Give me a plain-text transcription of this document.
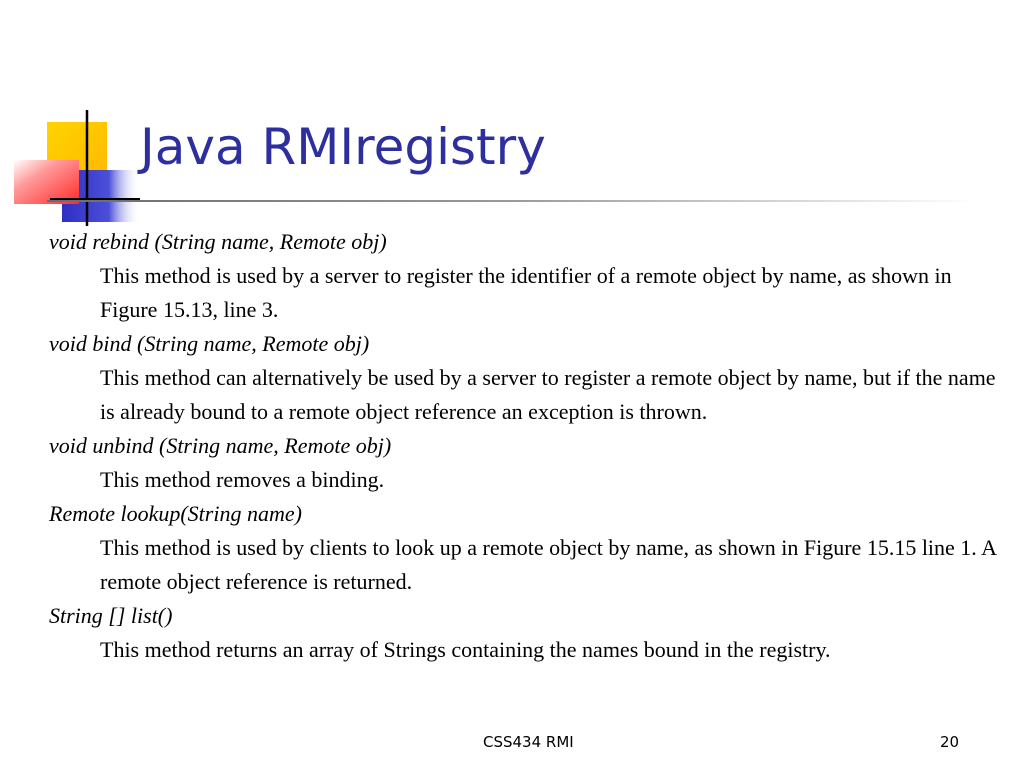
Java RMIregistry
void rebind (String name, Remote obj)
This method is used by a server to register the identifier of a remote object by name, as shown in Figure 15.13, line 3.
void bind (String name, Remote obj)
This method can alternatively be used by a server to register a remote object by name, but if the name is already bound to a remote object reference an exception is thrown.
void unbind (String name, Remote obj)
This method removes a binding.
Remote lookup(String name)
This method is used by clients to look up a remote object by name, as shown in Figure 15.15 line 1. A remote object reference is returned.
String [] list()
This method returns an array of Strings containing the names bound in the registry.
CSS434 RMI	20
